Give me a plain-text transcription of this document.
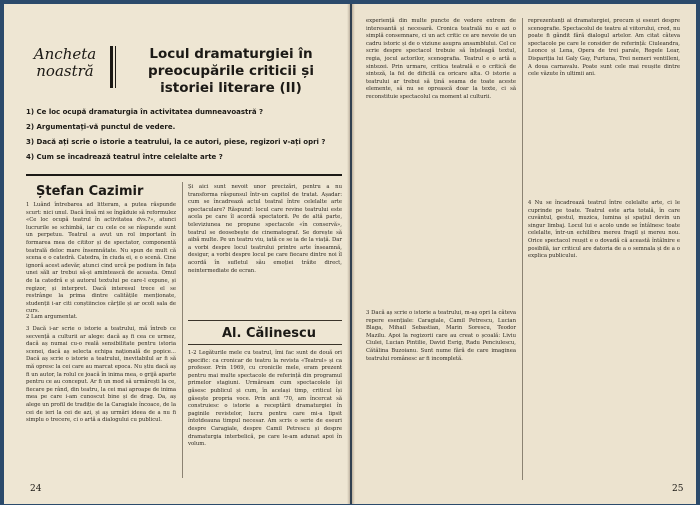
Ancheta
noastră
Locul dramaturgiei în preocupările criticii și istoriei literare (II)
1) Ce loc ocupă dramaturgia în activitatea dumneavoastră ?
2) Argumentați-vă punctul de vedere.
3) Dacă ați scrie o istorie a teatrului, la ce autori, piese, regizori v-ați opri ?
4) Cum se încadrează teatrul între celelalte arte ?
Ștefan Cazimir
1 Luând întrebarea ad litteram, a putea răspunde scurt: nici unul. Dacă însă mi se îngăduie să reformulez «Ce loc ocupă teatrul în activitatea dvs.?», atunci lucrurile se schimbă, iar cu cele ce se răspunde sunt un perpetuu. Teatrul a avut un rol important în formarea mea de cititor și de spectator, componentă teatrală deloc mare însemnătate. Nu spun de mult că scena e o catedră. Catedra, în ciuda ei, e o scenă. Cine ignoră acest adevăr, atunci cind urcă pe podium în fața unei săli ar trebui să-și amintească de aceasta. Omul de la catedră e și autorul textului pe care-l expune, și regizor, și interpret. Dacă interesul trece el se restrânge la prima dintre calitățile menționate, studenții i-ar citi conștiincios cărțile și ar ocoli sala de curs.
2 Lam argumentat.
3 Dacă i-ar scrie o istorie a teatrului, mă întreb ce secvență a culturii ar alege: dacă aș fi cea ce urmez, dacă aș numai cu-o reală sensibilitate pentru istoria scenei, dacă aș selecta echipa națională de popice... Dacă aș scrie o istorie a teatrului, inevitabilul ar fi să mă opresc la cei care au marcat epoca. Nu știu dacă aș fi un autor, la rolul ce joacă în inima mea, o grijă aparte pentru ce au conceput. Ar fi un mod să urmărești la ce, fiecare pe rând, din teatru, la cei mai aproape de inima mea pe care i-am cunoscut bine și de drag. Da, aș alege un profil de tradiție de la Caragiale încoace, de la cei de ieri la cei de azi, și aș urmări ideea de a nu fi simplu o trecere, ci o artă a dialogului cu publicul.
Și aici sunt nevoit unor precizări, pentru a nu transforma răspunsul într-un capitol de tratat. Așadar: cum se încadrează actul teatral între celelalte arte spectaculare? Răspund: locul care revine teatrului este acela pe care îl acordă spectatorii. Pe de altă parte, televiziunea ne propune spectacole «în conservă», teatrul se deosebește de cinematograf. Se dorește să aibă multe. Pe un teatru viu, iată ce se ia de la viață. Dar a vorbi despre locul teatrului printre arte înseamnă, desigur, a vorbi despre locul pe care fiecare dintre noi îl acordă în sufletul său emoției trăite direct, neintermediate de ecran.
Al. Călinescu
1-2 Legăturile mele cu teatrul, îmi fac sunt de două ori specific: ca cronicar de teatru la revista «Teatrul» și ca profesor. Prin 1969, cu cronicile mele, eram prezent pentru mai multe spectacole de referință din programul primelor stagiuni. Urmăream cum spectacolele își găsesc publicul și cum, în același timp, criticul își găsește propria voce. Prin anii '70, am încercat să construiesc o istorie a receptării dramaturgiei în paginile revistelor, lucru pentru care mi-a lipsit întotdeauna timpul necesar. Am scris o serie de eseuri despre Caragiale, despre Camil Petrescu și despre dramaturgia interbelică, pe care le-am adunat apoi în volum.
24
experiență din multe puncte de vedere extrem de interesantă și necesară. Cronica teatrală nu e azi o simplă consemnare, ci un act critic ce are nevoie de un cadru istoric și de o viziune asupra ansamblului. Cel ce scrie despre spectacol trebuie să înțeleagă textul, regia, jocul actorilor, scenografia. Teatrul e o artă a sintezei. Prin urmare, critica teatrală e o critică de sinteză, la fel de dificilă ca oricare alta. O istorie a teatrului ar trebui să țină seama de toate aceste elemente, să nu se oprească doar la texte, ci să reconstituie spectacolul ca moment al culturii.
3 Dacă aș scrie o istorie a teatrului, m-aș opri la câteva repere esențiale: Caragiale, Camil Petrescu, Lucian Blaga, Mihail Sebastian, Marin Sorescu, Teodor Mazilu. Apoi la regizorii care au creat o școală: Liviu Ciulei, Lucian Pintilie, David Esrig, Radu Penciulescu, Cătălina Buzoianu. Sunt nume fără de care imaginea teatrului românesc ar fi incompletă.
reprezentanți ai dramaturgiei, precum și eseuri despre scenografie. Spectacolul de teatru al viitorului, cred, nu poate fi gândit fără dialogul artelor. Am citat câteva spectacole pe care le consider de referință: Ciuleandra, Leonce și Lena, Opera de trei parale, Regele Lear, Dispariția lui Galy Gay, Furtuna, Trei nemeri ventilleni, A doua carnavalu. Poate sunt cele mai reușite dintre cele văzute în ultimii ani.
4 Nu se încadrează teatrul între celelalte arte, ci le cuprinde pe toate. Teatrul este arta totală, în care cuvântul, gestul, muzica, lumina și spațiul devin un singur limbaj. Locul lui e acolo unde se întâlnesc toate celelalte, într-un echilibru mereu fragil și mereu nou. Orice spectacol reușit e o dovadă că această întâlnire e posibilă, iar criticul are datoria de a o semnala și de a o explica publicului.
25
